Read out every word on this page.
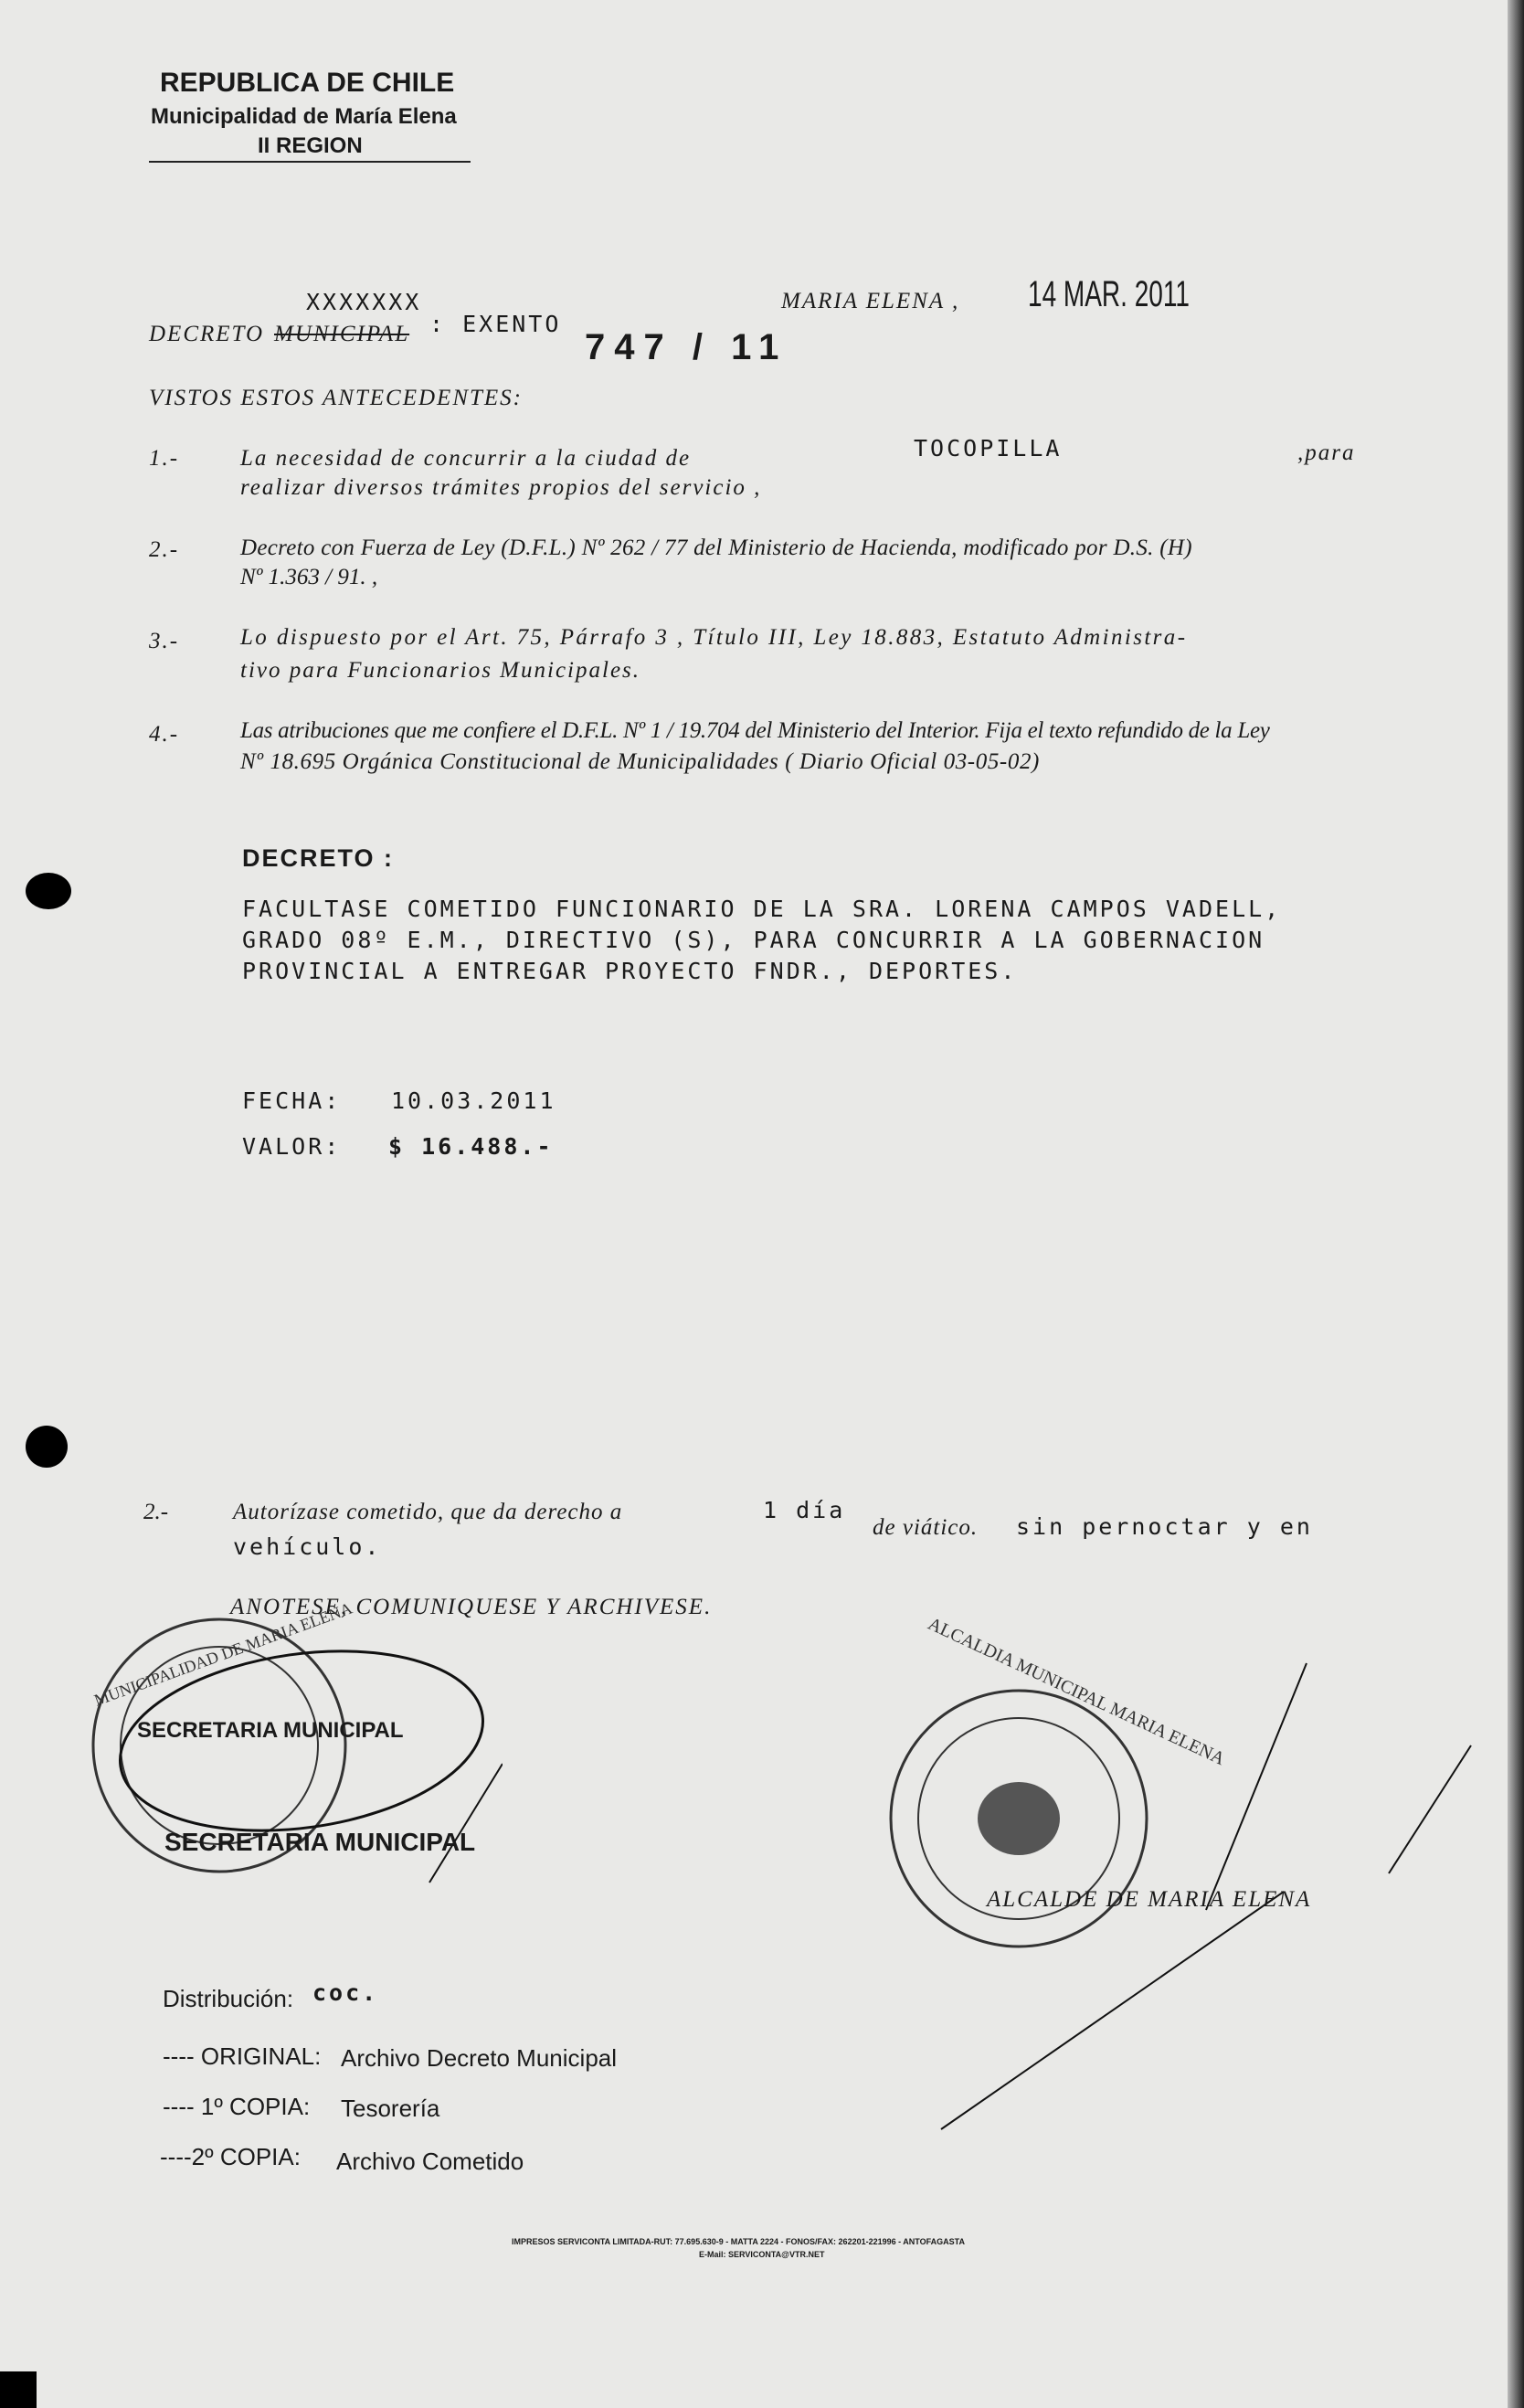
REPUBLICA DE CHILE
Municipalidad de María Elena
II REGION
MARIA ELENA , 14 MAR. 2011
DECRETO MUNICIPAL
XXXXXXX
: EXENTO
747 / 11
VISTOS ESTOS ANTECEDENTES:
1.-	La necesidad de concurrir a la ciudad de	TOCOPILLA	,para
realizar diversos trámites propios del servicio ,
2.-	Decreto con Fuerza de Ley (D.F.L.) Nº 262 / 77 del Ministerio de Hacienda, modificado por D.S. (H)
Nº 1.363 / 91. ,
3.-	Lo dispuesto por el Art. 75, Párrafo 3 , Título III, Ley 18.883, Estatuto Administra-
tivo para Funcionarios Municipales.
4.-	Las atribuciones que me confiere el D.F.L. Nº 1 / 19.704 del Ministerio del Interior. Fija el texto refundido de la Ley
Nº 18.695 Orgánica Constitucional de Municipalidades ( Diario Oficial 03-05-02)
DECRETO :
FACULTASE COMETIDO FUNCIONARIO DE LA SRA. LORENA CAMPOS VADELL,
GRADO 08º E.M., DIRECTIVO (S), PARA CONCURRIR A LA GOBERNACION
PROVINCIAL A ENTREGAR PROYECTO FNDR., DEPORTES.
FECHA: 10.03.2011
VALOR: $ 16.488.-
2.-	Autorízase cometido, que da derecho a	1 día
de viático. sin pernoctar y en
vehículo.
ANOTESE, COMUNIQUESE Y ARCHIVESE.
SECRETARIA MUNICIPAL
MUNICIPALIDAD DE MARIA ELENA
SECRETARIA MUNICIPAL
ALCALDIA MUNICIPAL MARIA ELENA
ALCALDE DE MARIA ELENA
Distribución: coc.
---- ORIGINAL: Archivo Decreto Municipal
---- 1º COPIA: Tesorería
----2º COPIA: Archivo Cometido
IMPRESOS SERVICONTA LIMITADA-RUT: 77.695.630-9 - MATTA 2224 - FONOS/FAX: 262201-221996 - ANTOFAGASTA
E-Mail: SERVICONTA@VTR.NET
